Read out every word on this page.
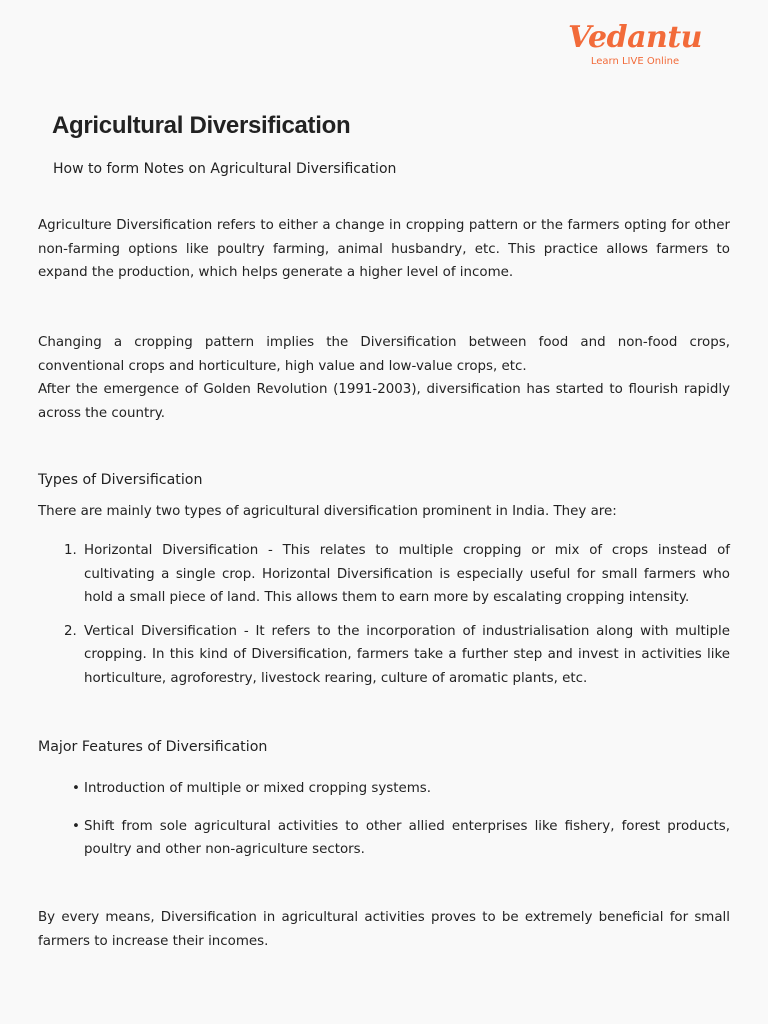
Vedantu
Learn LIVE Online
Agricultural Diversification
How to form Notes on Agricultural Diversification

Agriculture Diversification refers to either a change in cropping pattern or the farmers opting for other non-farming options like poultry farming, animal husbandry, etc. This practice allows farmers to expand the production, which helps generate a higher level of income.

Changing a cropping pattern implies the Diversification between food and non-food crops, conventional crops and horticulture, high value and low-value crops, etc.

After the emergence of Golden Revolution (1991-2003), diversification has started to flourish rapidly across the country.

Types of Diversification

There are mainly two types of agricultural diversification prominent in India. They are:

1. Horizontal Diversification - This relates to multiple cropping or mix of crops instead of cultivating a single crop. Horizontal Diversification is especially useful for small farmers who hold a small piece of land. This allows them to earn more by escalating cropping intensity.
2. Vertical Diversification - It refers to the incorporation of industrialisation along with multiple cropping. In this kind of Diversification, farmers take a further step and invest in activities like horticulture, agroforestry, livestock rearing, culture of aromatic plants, etc.
Major Features of Diversification
• Introduction of multiple or mixed cropping systems.
• Shift from sole agricultural activities to other allied enterprises like fishery, forest products, poultry and other non-agriculture sectors.

By every means, Diversification in agricultural activities proves to be extremely beneficial for small farmers to increase their incomes.
